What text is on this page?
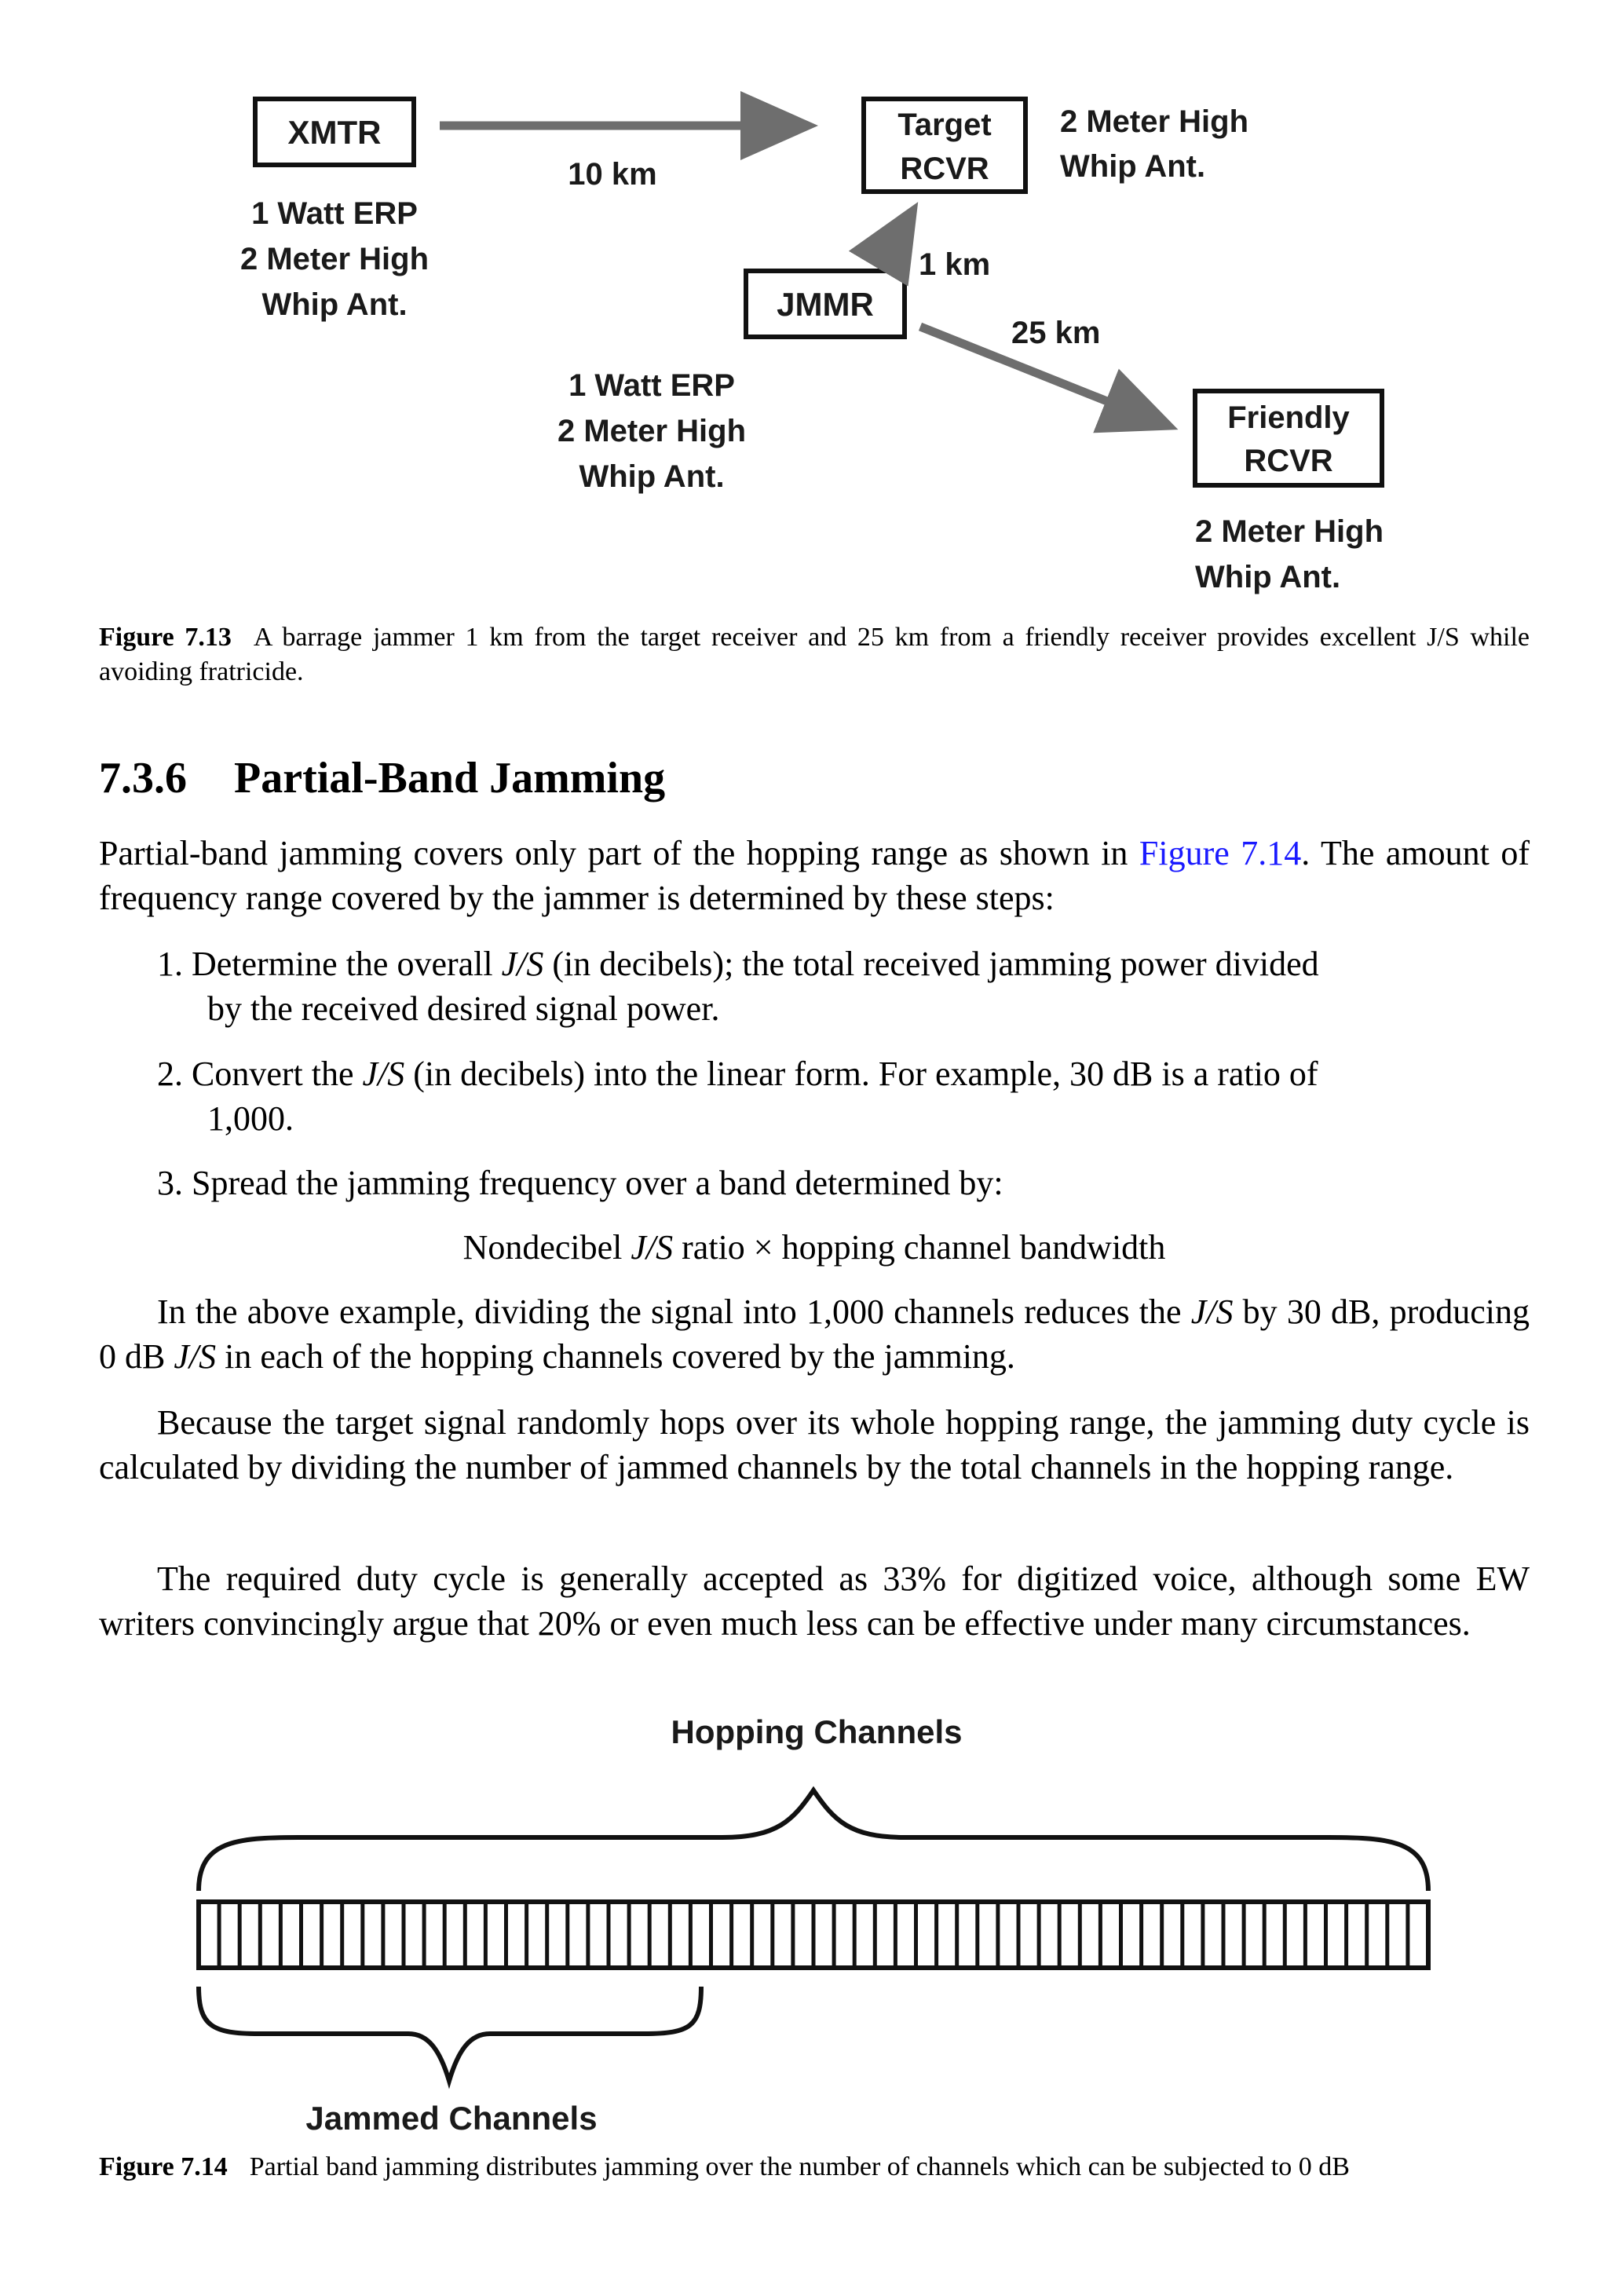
XMTR
1 Watt ERP
2 Meter High
Whip Ant.
10 km
Target
RCVR
2 Meter High
Whip Ant.
JMMR
1 Watt ERP
2 Meter High
Whip Ant.
1 km
25 km
Friendly
RCVR
2 Meter High
Whip Ant.
Figure 7.13 A barrage jammer 1 km from the target receiver and 25 km from a friendly receiver provides excellent J/S while avoiding fratricide.
7.3.6 Partial-Band Jamming
Partial-band jamming covers only part of the hopping range as shown in Figure 7.14. The amount of frequency range covered by the jammer is determined by these steps:
1. Determine the overall J/S (in decibels); the total received jamming power divided
by the received desired signal power.
2. Convert the J/S (in decibels) into the linear form. For example, 30 dB is a ratio of
1,000.
3. Spread the jamming frequency over a band determined by:
Nondecibel J/S ratio × hopping channel bandwidth
In the above example, dividing the signal into 1,000 channels reduces the J/S by 30 dB, producing 0 dB J/S in each of the hopping channels covered by the jamming.
Because the target signal randomly hops over its whole hopping range, the jamming duty cycle is calculated by dividing the number of jammed channels by the total channels in the hopping range.
The required duty cycle is generally accepted as 33% for digitized voice, although some EW writers convincingly argue that 20% or even much less can be effective under many circumstances.
Hopping Channels
Jammed Channels
Figure 7.14 Partial band jamming distributes jamming over the number of channels which can be subjected to 0 dB
